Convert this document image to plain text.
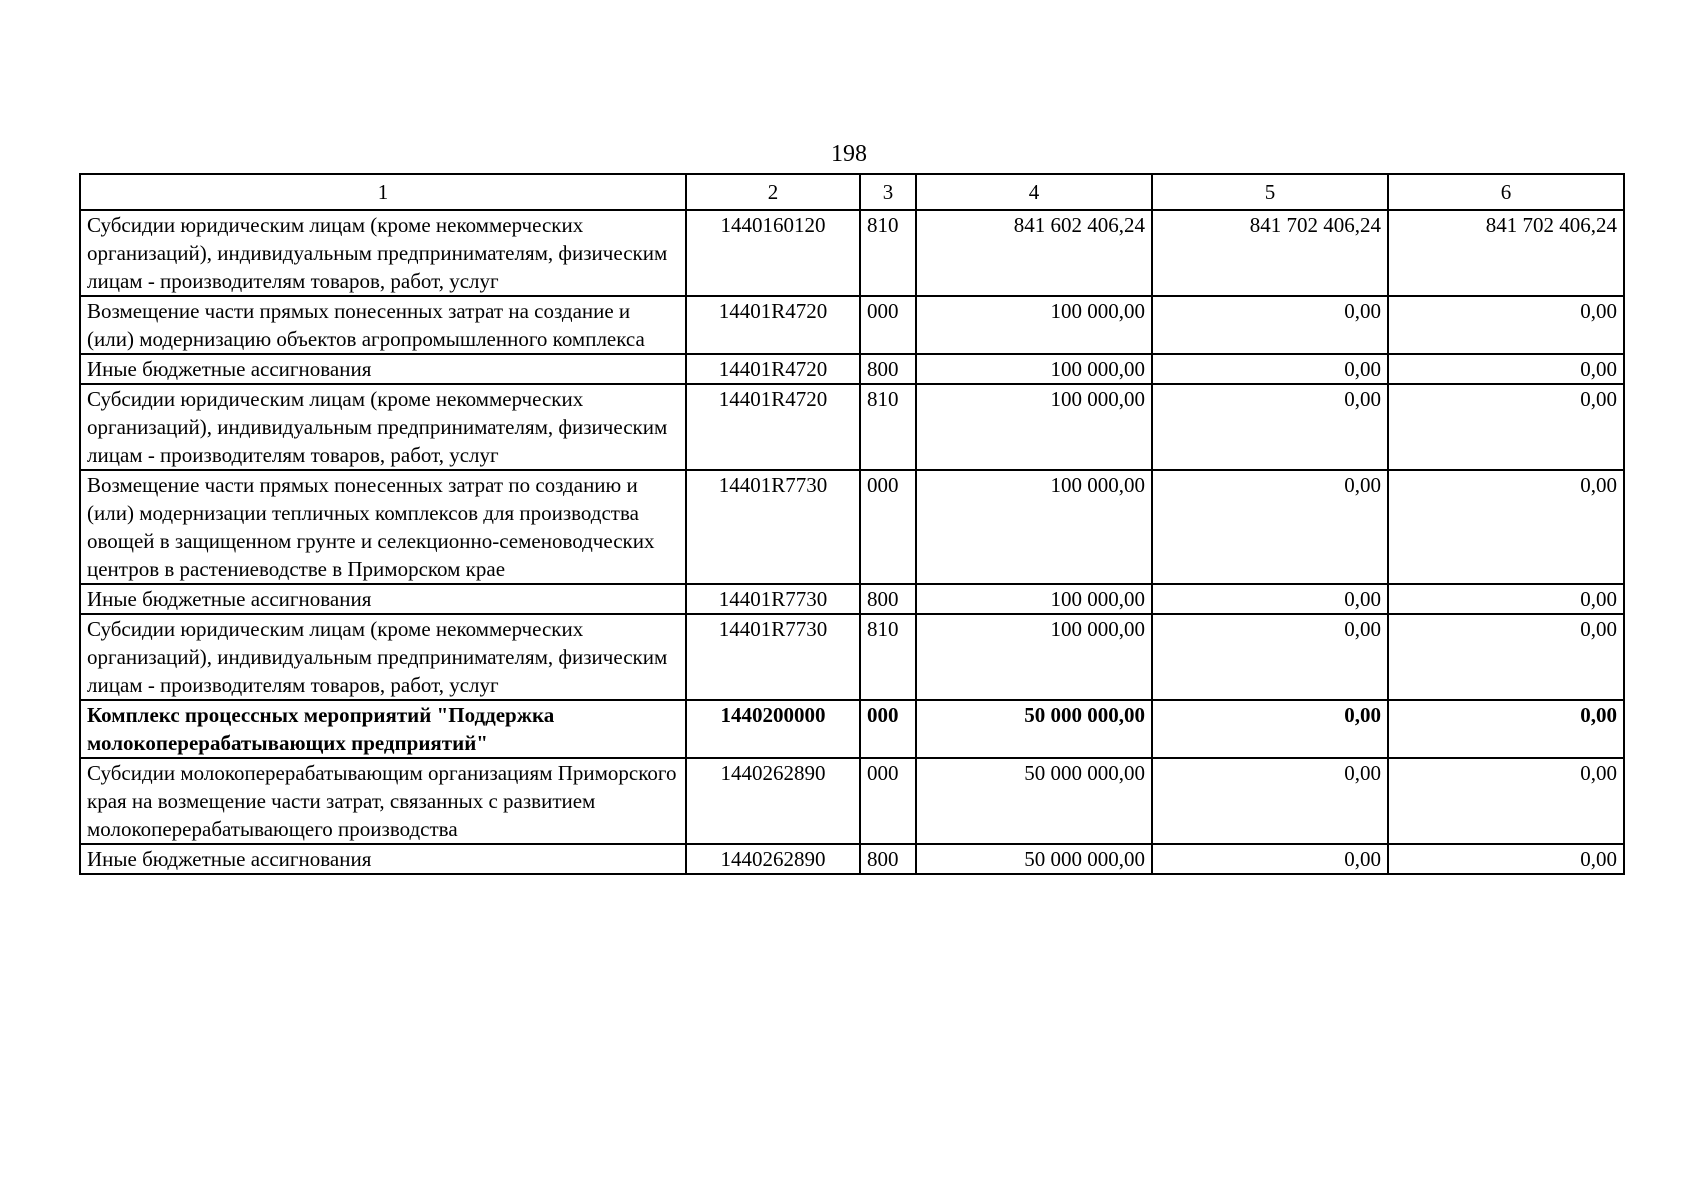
198
1	2	3	4	5	6
Субсидии юридическим лицам (кроме некоммерческих организаций), индивидуальным предпринимателям, физическим лицам - производителям товаров, работ, услуг	1440160120	810	841 602 406,24	841 702 406,24	841 702 406,24
Возмещение части прямых понесенных затрат на создание и (или) модернизацию объектов агропромышленного комплекса	14401R4720	000	100 000,00	0,00	0,00
Иные бюджетные ассигнования	14401R4720	800	100 000,00	0,00	0,00
Субсидии юридическим лицам (кроме некоммерческих организаций), индивидуальным предпринимателям, физическим лицам - производителям товаров, работ, услуг	14401R4720	810	100 000,00	0,00	0,00
Возмещение части прямых понесенных затрат по созданию и (или) модернизации тепличных комплексов для производства овощей в защищенном грунте и селекционно-семеноводческих центров в растениеводстве в Приморском крае	14401R7730	000	100 000,00	0,00	0,00
Иные бюджетные ассигнования	14401R7730	800	100 000,00	0,00	0,00
Субсидии юридическим лицам (кроме некоммерческих организаций), индивидуальным предпринимателям, физическим лицам - производителям товаров, работ, услуг	14401R7730	810	100 000,00	0,00	0,00
Комплекс процессных мероприятий "Поддержка молокоперерабатывающих предприятий"	1440200000	000	50 000 000,00	0,00	0,00
Субсидии молокоперерабатывающим организациям Приморского края на возмещение части затрат, связанных с развитием молокоперерабатывающего производства	1440262890	000	50 000 000,00	0,00	0,00
Иные бюджетные ассигнования	1440262890	800	50 000 000,00	0,00	0,00
